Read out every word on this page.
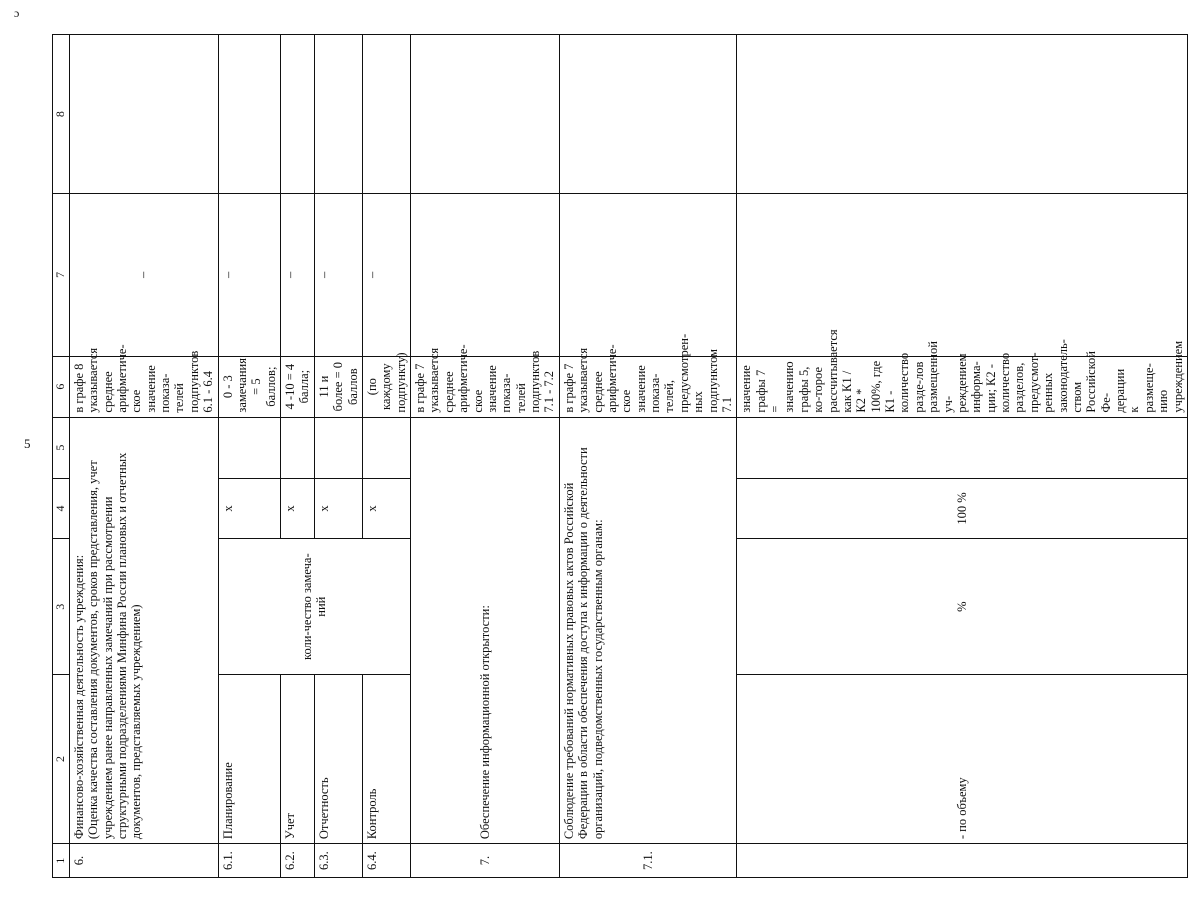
ɔ
5
1	2	3	4	5	6	7	8
6.	Финансово-хозяйственная деятельность учреждения: (Оценка качества составления документов, сроков представления, учет учреждением ранее направленных замечаний при рассмотрении структурными подразделениями Минфина России плановых и отчетных документов, представляемых учреждением)				в графе 8 указывается среднее арифметиче-ское значение показа-телей подпунктов 6.1 - 6.4	–	
6.1.	Планирование	коли-чество замеча-ний	х		0 - 3 замечания = 5 баллов;	–	
6.2.	Учет		х		4 -10 = 4 балла;	–	
6.3.	Отчетность		х		11 и более = 0 баллов	–	
6.4.	Контроль		х		(по каждому подпункту)	–	
7.	Обеспечение информационной открытости:				в графе 7 указывается среднее арифметиче-ское значение показа-телей подпунктов 7.1 - 7.2		
7.1.	Соблюдение требований нормативных правовых актов Российской Федерации в области обеспечения доступа к информации о деятельности организаций, подведомственных государственным органам:				в графе 7 указывается среднее арифметиче-ское значение показа-телей, предусмотрен-ных подпунктом 7.1		
	- по объему	%	100 %		значение графы 7 = значению графы 5, ко-торое рассчитывается как К1 / К2 * 100%, где К1 - количество разде-лов размещенной уч-реждением информа-ции; К2 - количество разделов, предусмот-ренных законодатель-ством Российской Фе-дерации к размеще-нию учреждением		
